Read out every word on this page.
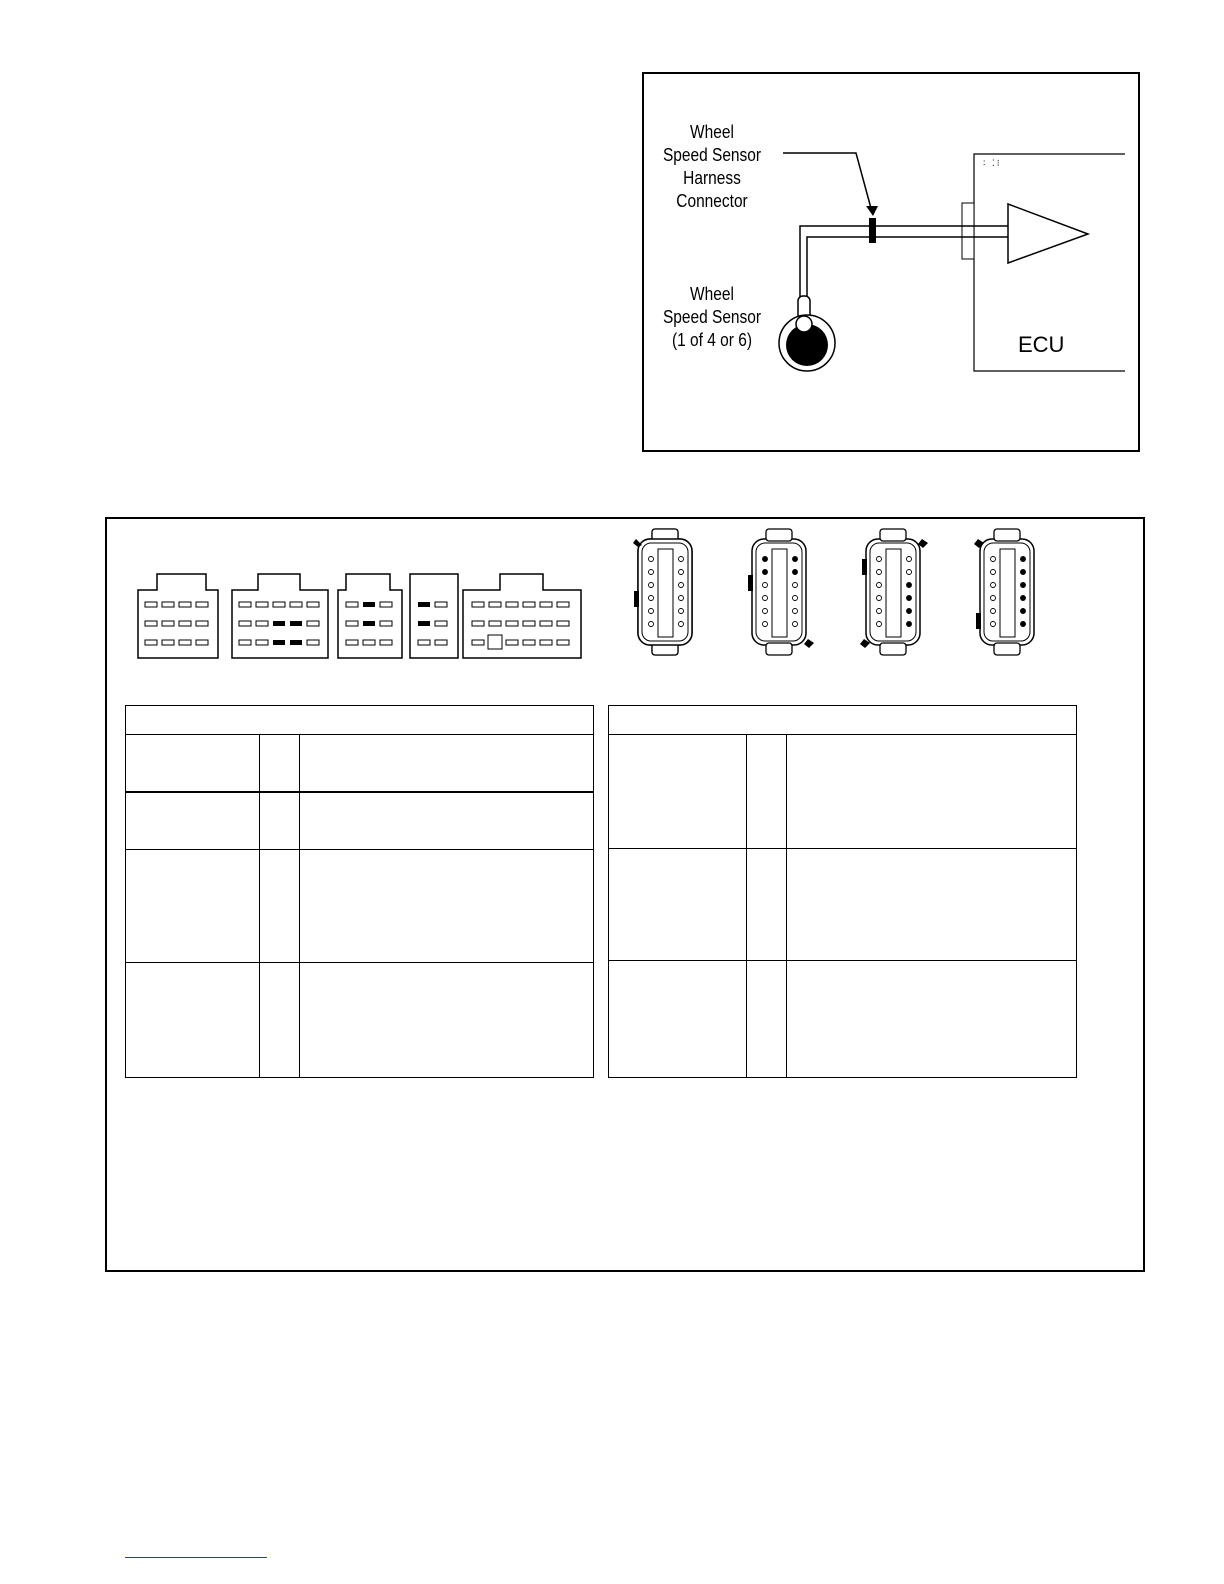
Wheel
Speed Sensor
Harness
Connector
Wheel
Speed Sensor
(1 of 4 or 6)
∶ ⁚⁝
ECU
